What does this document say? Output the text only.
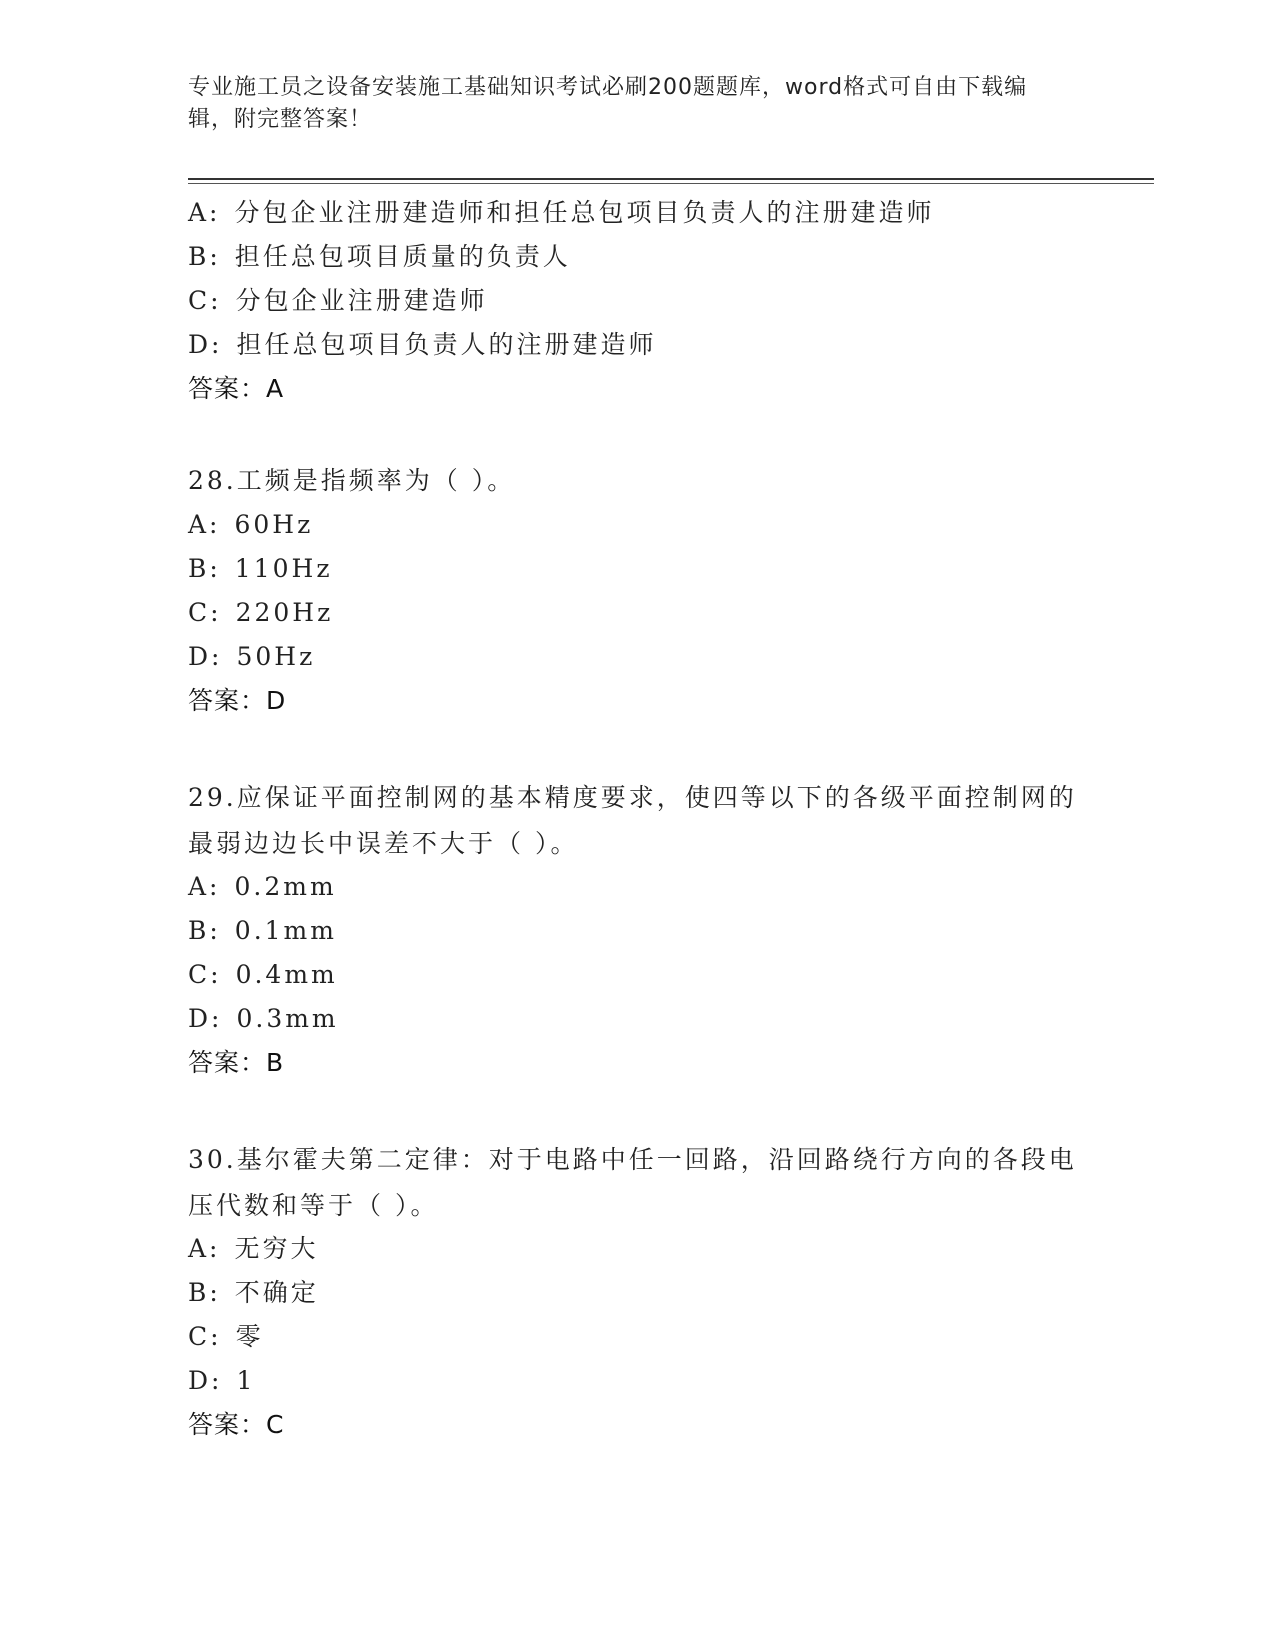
专业施工员之设备安装施工基础知识考试必刷200题题库，word格式可自由下载编辑，附完整答案！
A: 分包企业注册建造师和担任总包项目负责人的注册建造师
B: 担任总包项目质量的负责人
C: 分包企业注册建造师
D: 担任总包项目负责人的注册建造师
答案：A
28.工频是指频率为（ ）。
A: 60Hz
B: 110Hz
C: 220Hz
D: 50Hz
答案：D
29.应保证平面控制网的基本精度要求，使四等以下的各级平面控制网的最弱边边长中误差不大于（ ）。
A: 0.2mm
B: 0.1mm
C: 0.4mm
D: 0.3mm
答案：B
30.基尔霍夫第二定律：对于电路中任一回路，沿回路绕行方向的各段电压代数和等于（ ）。
A: 无穷大
B: 不确定
C: 零
D: 1
答案：C
